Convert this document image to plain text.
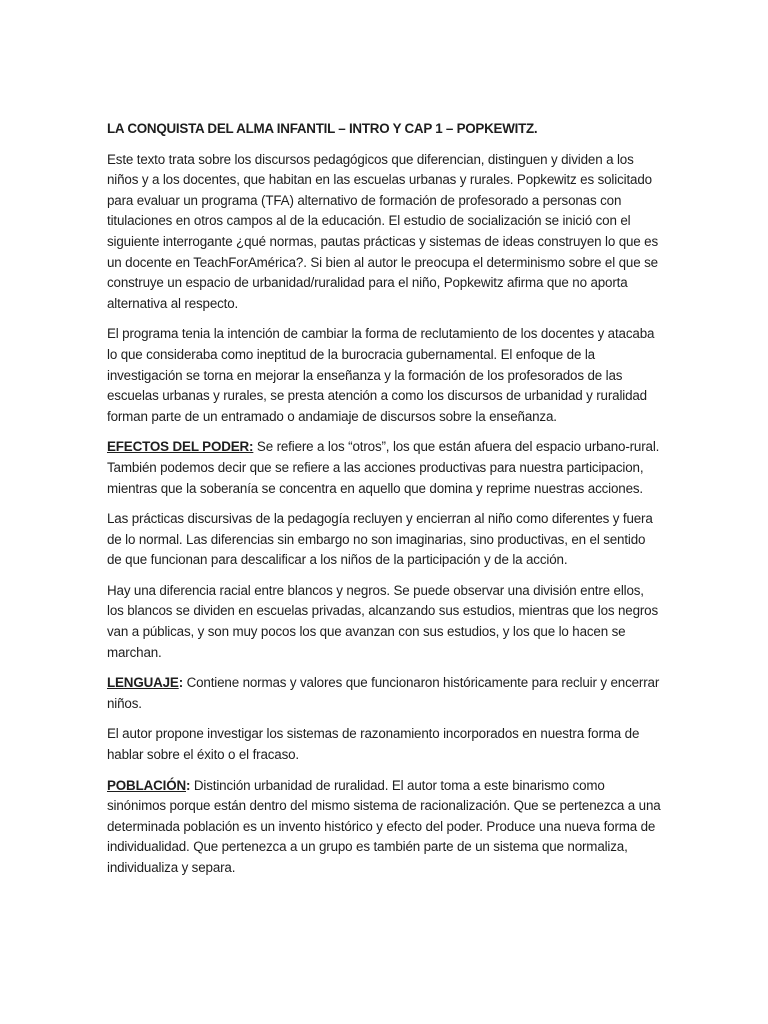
LA CONQUISTA DEL ALMA INFANTIL – INTRO Y CAP 1 – POPKEWITZ.

Este texto trata sobre los discursos pedagógicos que diferencian, distinguen y dividen a los niños y a los docentes, que habitan en las escuelas urbanas y rurales. Popkewitz es solicitado para evaluar un programa (TFA) alternativo de formación de profesorado a personas con titulaciones en otros campos al de la educación. El estudio de socialización se inició con el siguiente interrogante ¿qué normas, pautas prácticas y sistemas de ideas construyen lo que es un docente en TeachForAmérica?. Si bien al autor le preocupa el determinismo sobre el que se construye un espacio de urbanidad/ruralidad para el niño, Popkewitz afirma que no aporta alternativa al respecto.

El programa tenia la intención de cambiar la forma de reclutamiento de los docentes y atacaba lo que consideraba como ineptitud de la burocracia gubernamental. El enfoque de la investigación se torna en mejorar la enseñanza y la formación de los profesorados de las escuelas urbanas y rurales, se presta atención a como los discursos de urbanidad y ruralidad forman parte de un entramado o andamiaje de discursos sobre la enseñanza.

EFECTOS DEL PODER: Se refiere a los “otros”, los que están afuera del espacio urbano-rural. También podemos decir que se refiere a las acciones productivas para nuestra participacion, mientras que la soberanía se concentra en aquello que domina y reprime nuestras acciones.

Las prácticas discursivas de la pedagogía recluyen y encierran al niño como diferentes y fuera de lo normal. Las diferencias sin embargo no son imaginarias, sino productivas, en el sentido de que funcionan para descalificar a los niños de la participación y de la acción.

Hay una diferencia racial entre blancos y negros. Se puede observar una división entre ellos, los blancos se dividen en escuelas privadas, alcanzando sus estudios, mientras que los negros van a públicas, y son muy pocos los que avanzan con sus estudios, y los que lo hacen se marchan.

LENGUAJE: Contiene normas y valores que funcionaron históricamente para recluir y encerrar niños.

El autor propone investigar los sistemas de razonamiento incorporados en nuestra forma de hablar sobre el éxito o el fracaso.

POBLACIÓN: Distinción urbanidad de ruralidad. El autor toma a este binarismo como sinónimos porque están dentro del mismo sistema de racionalización. Que se pertenezca a una determinada población es un invento histórico y efecto del poder. Produce una nueva forma de individualidad. Que pertenezca a un grupo es también parte de un sistema que normaliza, individualiza y separa.
